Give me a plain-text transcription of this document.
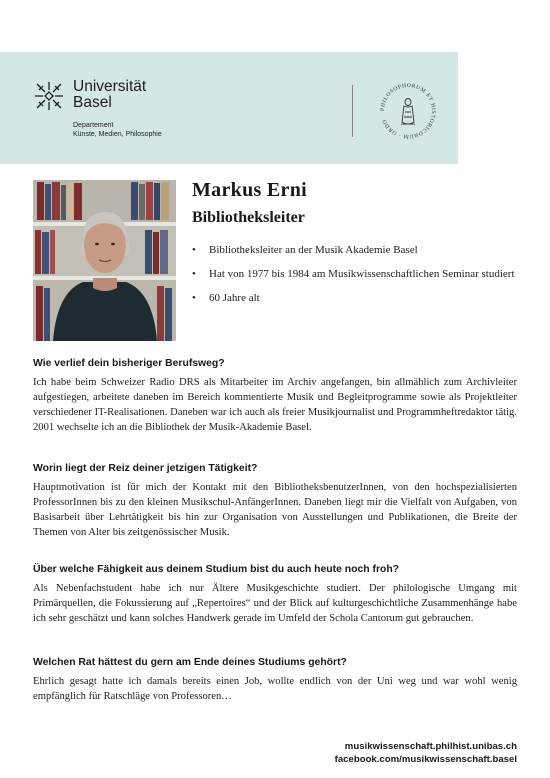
Universität
Basel
Departement
Künste, Medien, Philosophie
PHILOSOPHORUM ET HISTORICORUM · ORDO
Markus Erni
Bibliotheksleiter
• Bibliotheksleiter an der Musik Akademie Basel
• Hat von 1977 bis 1984 am Musikwissenschaftlichen Seminar studiert
• 60 Jahre alt

Wie verlief dein bisheriger Berufsweg?

Ich habe beim Schweizer Radio DRS als Mitarbeiter im Archiv angefangen, bin allmählich zum Archivleiter aufgestiegen, arbeitete daneben im Bereich kommentierte Musik und Begleitprogramme sowie als Projektleiter verschiedener IT-Realisationen. Daneben war ich auch als freier Musikjournalist und Programmheftredaktor tätig. 2001 wechselte ich an die Bibliothek der Musik-Akademie Basel.

Worin liegt der Reiz deiner jetzigen Tätigkeit?

Hauptmotivation ist für mich der Kontakt mit den BibliotheksbenutzerInnen, von den hochspezialisierten ProfessorInnen bis zu den kleinen Musikschul-AnfängerInnen. Daneben liegt mir die Vielfalt von Aufgaben, von Basisarbeit über Lehrtätigkeit bis hin zur Organisation von Ausstellungen und Publikationen, die Breite der Themen von Alter bis zeitgenössischer Musik.

Über welche Fähigkeit aus deinem Studium bist du auch heute noch froh?

Als Nebenfachstudent habe ich nur Ältere Musikgeschichte studiert. Der philologische Umgang mit Primärquellen, die Fokussierung auf „Repertoires“ und der Blick auf kulturgeschichtliche Zusammenhänge habe ich sehr geschätzt und kann solches Handwerk gerade im Umfeld der Schola Cantorum gut gebrauchen.

Welchen Rat hättest du gern am Ende deines Studiums gehört?

Ehrlich gesagt hatte ich damals bereits einen Job, wollte endlich von der Uni weg und war wohl wenig empfänglich für Ratschläge von Professoren…

musikwissenschaft.philhist.unibas.ch
facebook.com/musikwissenschaft.basel
